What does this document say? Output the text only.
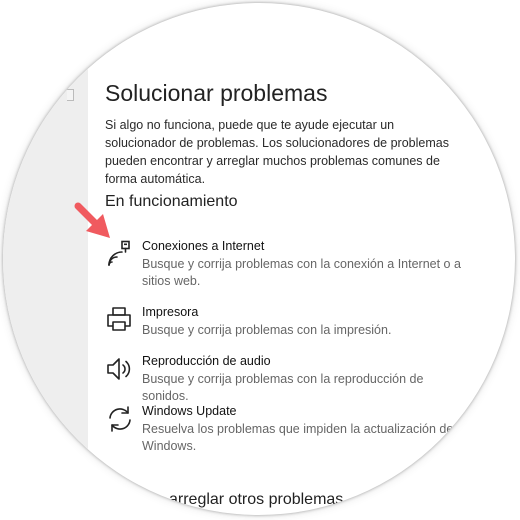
Solucionar problemas

Si algo no funciona, puede que te ayude ejecutar un solucionador de problemas. Los solucionadores de problemas pueden encontrar y arreglar muchos problemas comunes de forma automática.

En funcionamiento
Conexiones a Internet
Busque y corrija problemas con la conexión a Internet o a sitios web.
Impresora
Busque y corrija problemas con la impresión.
Reproducción de audio
Busque y corrija problemas con la reproducción de sonidos.
Windows Update
Resuelva los problemas que impiden la actualización de Windows.
arreglar otros problemas
